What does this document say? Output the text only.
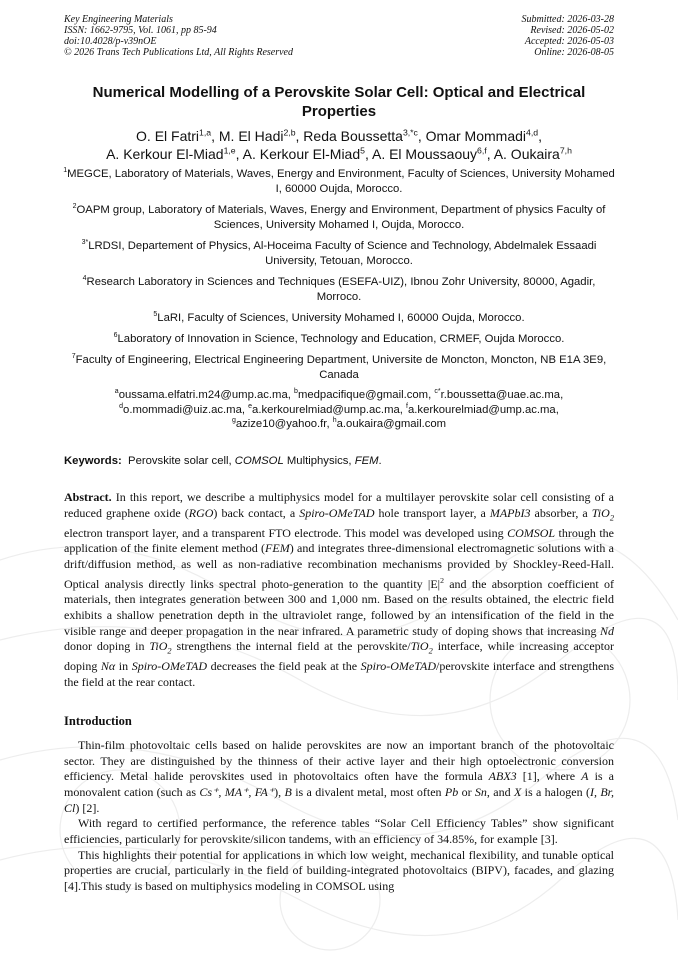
Key Engineering Materials
ISSN: 1662-9795, Vol. 1061, pp 85-94
doi:10.4028/p-v39nOE
© 2026 Trans Tech Publications Ltd, All Rights Reserved
Submitted: 2026-03-28
Revised: 2026-05-02
Accepted: 2026-05-03
Online: 2026-08-05
Numerical Modelling of a Perovskite Solar Cell: Optical and Electrical
Properties
O. El Fatri$^{1,a}$, M. El Hadi$^{2,b}$, Reda Boussetta$^{3,*c}$, Omar Mommadi$^{4,d}$,
A. Kerkour El-Miad$^{1,e}$, A. Kerkour El-Miad$^5$, A. El Moussaouy$^{6,f}$, A. Oukaira$^{7,h}$
$^1$MEGCE, Laboratory of Materials, Waves, Energy and Environment, Faculty of Sciences, University Mohamed I, 60000 Oujda, Morocco.
$^2$OAPM group, Laboratory of Materials, Waves, Energy and Environment, Department of physics Faculty of Sciences, University Mohamed I, Oujda, Morocco.
$^{3*}$LRDSI, Departement of Physics, Al-Hoceima Faculty of Science and Technology, Abdelmalek Essaadi University, Tetouan, Morocco.
$^4$Research Laboratory in Sciences and Techniques (ESEFA-UIZ), Ibnou Zohr University, 80000, Agadir, Morroco.
$^5$LaRI, Faculty of Sciences, University Mohamed I, 60000 Oujda, Morocco.
$^6$Laboratory of Innovation in Science, Technology and Education, CRMEF, Oujda Morocco.
$^7$Faculty of Engineering, Electrical Engineering Department, Universite de Moncton, Moncton, NB E1A 3E9, Canada
$^a$oussama.elfatri.m24@ump.ac.ma, $^b$medpacifique@gmail.com, $^{c*}$r.boussetta@uae.ac.ma,
$^d$o.mommadi@uiz.ac.ma, $^e$a.kerkourelmiad@ump.ac.ma, $^f$a.kerkourelmiad@ump.ac.ma,
$^g$azize10@yahoo.fr, $^h$a.oukaira@gmail.com
Keywords: Perovskite solar cell, COMSOL Multiphysics, FEM.
Abstract. In this report, we describe a multiphysics model for a multilayer perovskite solar cell consisting of a reduced graphene oxide (RGO) back contact, a Spiro-OMeTAD hole transport layer, a MAPbI3 absorber, a TiO$_2$ electron transport layer, and a transparent FTO electrode. This model was developed using COMSOL through the application of the finite element method (FEM) and integrates three-dimensional electromagnetic solutions with a drift/diffusion method, as well as non-radiative recombination mechanisms provided by Shockley-Reed-Hall. Optical analysis directly links spectral photo-generation to the quantity $|E|^2$ and the absorption coefficient of materials, then integrates generation between 300 and 1,000 nm. Based on the results obtained, the electric field exhibits a shallow penetration depth in the ultraviolet range, followed by an intensification of the field in the visible range and deeper propagation in the near infrared. A parametric study of doping shows that increasing Nd donor doping in TiO$_2$ strengthens the internal field at the perovskite/TiO$_2$ interface, while increasing acceptor doping Nα in Spiro-OMeTAD decreases the field peak at the Spiro-OMeTAD/perovskite interface and strengthens the field at the rear contact.
Introduction

Thin-film photovoltaic cells based on halide perovskites are now an important branch of the photovoltaic sector. They are distinguished by the thinness of their active layer and their high optoelectronic conversion efficiency. Metal halide perovskites used in photovoltaics often have the formula ABX3 [1], where A is a monovalent cation (such as Cs⁺, MA⁺, FA⁺), B is a divalent metal, most often Pb or Sn, and X is a halogen (I, Br, Cl) [2].

With regard to certified performance, the reference tables “Solar Cell Efficiency Tables” show significant efficiencies, particularly for perovskite/silicon tandems, with an efficiency of 34.85%, for example [3].

This highlights their potential for applications in which low weight, mechanical flexibility, and tunable optical properties are crucial, particularly in the field of building-integrated photovoltaics (BIPV), facades, and glazing [4].This study is based on multiphysics modeling in COMSOL using
